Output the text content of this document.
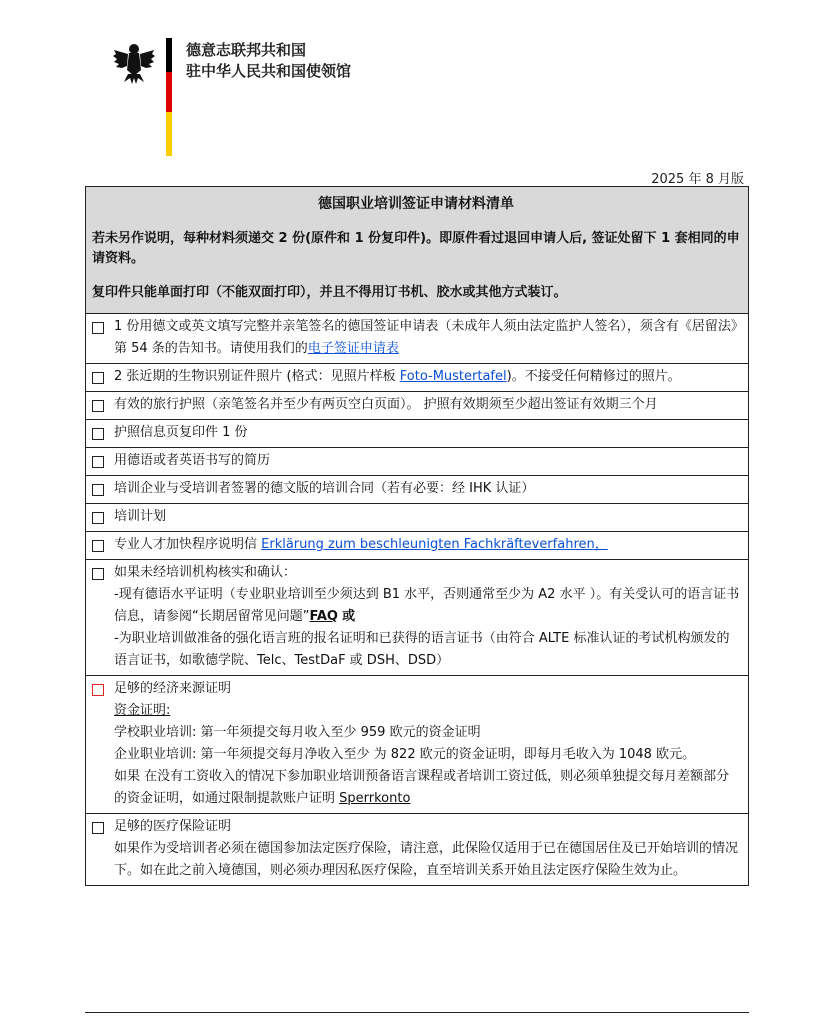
德意志联邦共和国
驻中华人民共和国使领馆
2025 年 8 月版
德国职业培训签证申请材料清单
若未另作说明，每种材料须递交 2 份(原件和 1 份复印件)。即原件看过退回申请人后, 签证处留下 1 套相同的申请资料。
复印件只能单面打印（不能双面打印），并且不得用订书机、胶水或其他方式装订。

1 份用德文或英文填写完整并亲笔签名的德国签证申请表（未成年人须由法定监护人签名），须含有《居留法》第 54 条的告知书。请使用我们的电子签证申请表

2 张近期的生物识别证件照片 (格式：见照片样板 Foto-Mustertafel)。不接受任何精修过的照片。

有效的旅行护照（亲笔签名并至少有两页空白页面）。 护照有效期须至少超出签证有效期三个月

护照信息页复印件 1 份

用德语或者英语书写的简历

培训企业与受培训者签署的德文版的培训合同（若有必要：经 IHK 认证）

培训计划

专业人才加快程序说明信 Erklärung zum beschleunigten Fachkräfteverfahren，

如果未经培训机构核实和确认：
-现有德语水平证明（专业职业培训至少须达到 B1 水平，否则通常至少为 A2 水平 ）。有关受认可的语言证书信息，请参阅“长期居留常见问题”FAQ 或
-为职业培训做准备的强化语言班的报名证明和已获得的语言证书（由符合 ALTE 标准认证的考试机构颁发的语言证书，如歌德学院、Telc、TestDaF 或 DSH、DSD）

足够的经济来源证明
资金证明:
学校职业培训: 第一年须提交每月收入至少 959 欧元的资金证明
企业职业培训: 第一年须提交每月净收入至少 为 822 欧元的资金证明，即每月毛收入为 1048 欧元。
如果 在没有工资收入的情况下参加职业培训预备语言课程或者培训工资过低，则必须单独提交每月差额部分的资金证明，如通过限制提款账户证明 Sperrkonto

足够的医疗保险证明
如果作为受培训者必须在德国参加法定医疗保险，请注意，此保险仅适用于已在德国居住及已开始培训的情况下。如在此之前入境德国，则必须办理因私医疗保险，直至培训关系开始且法定医疗保险生效为止。
